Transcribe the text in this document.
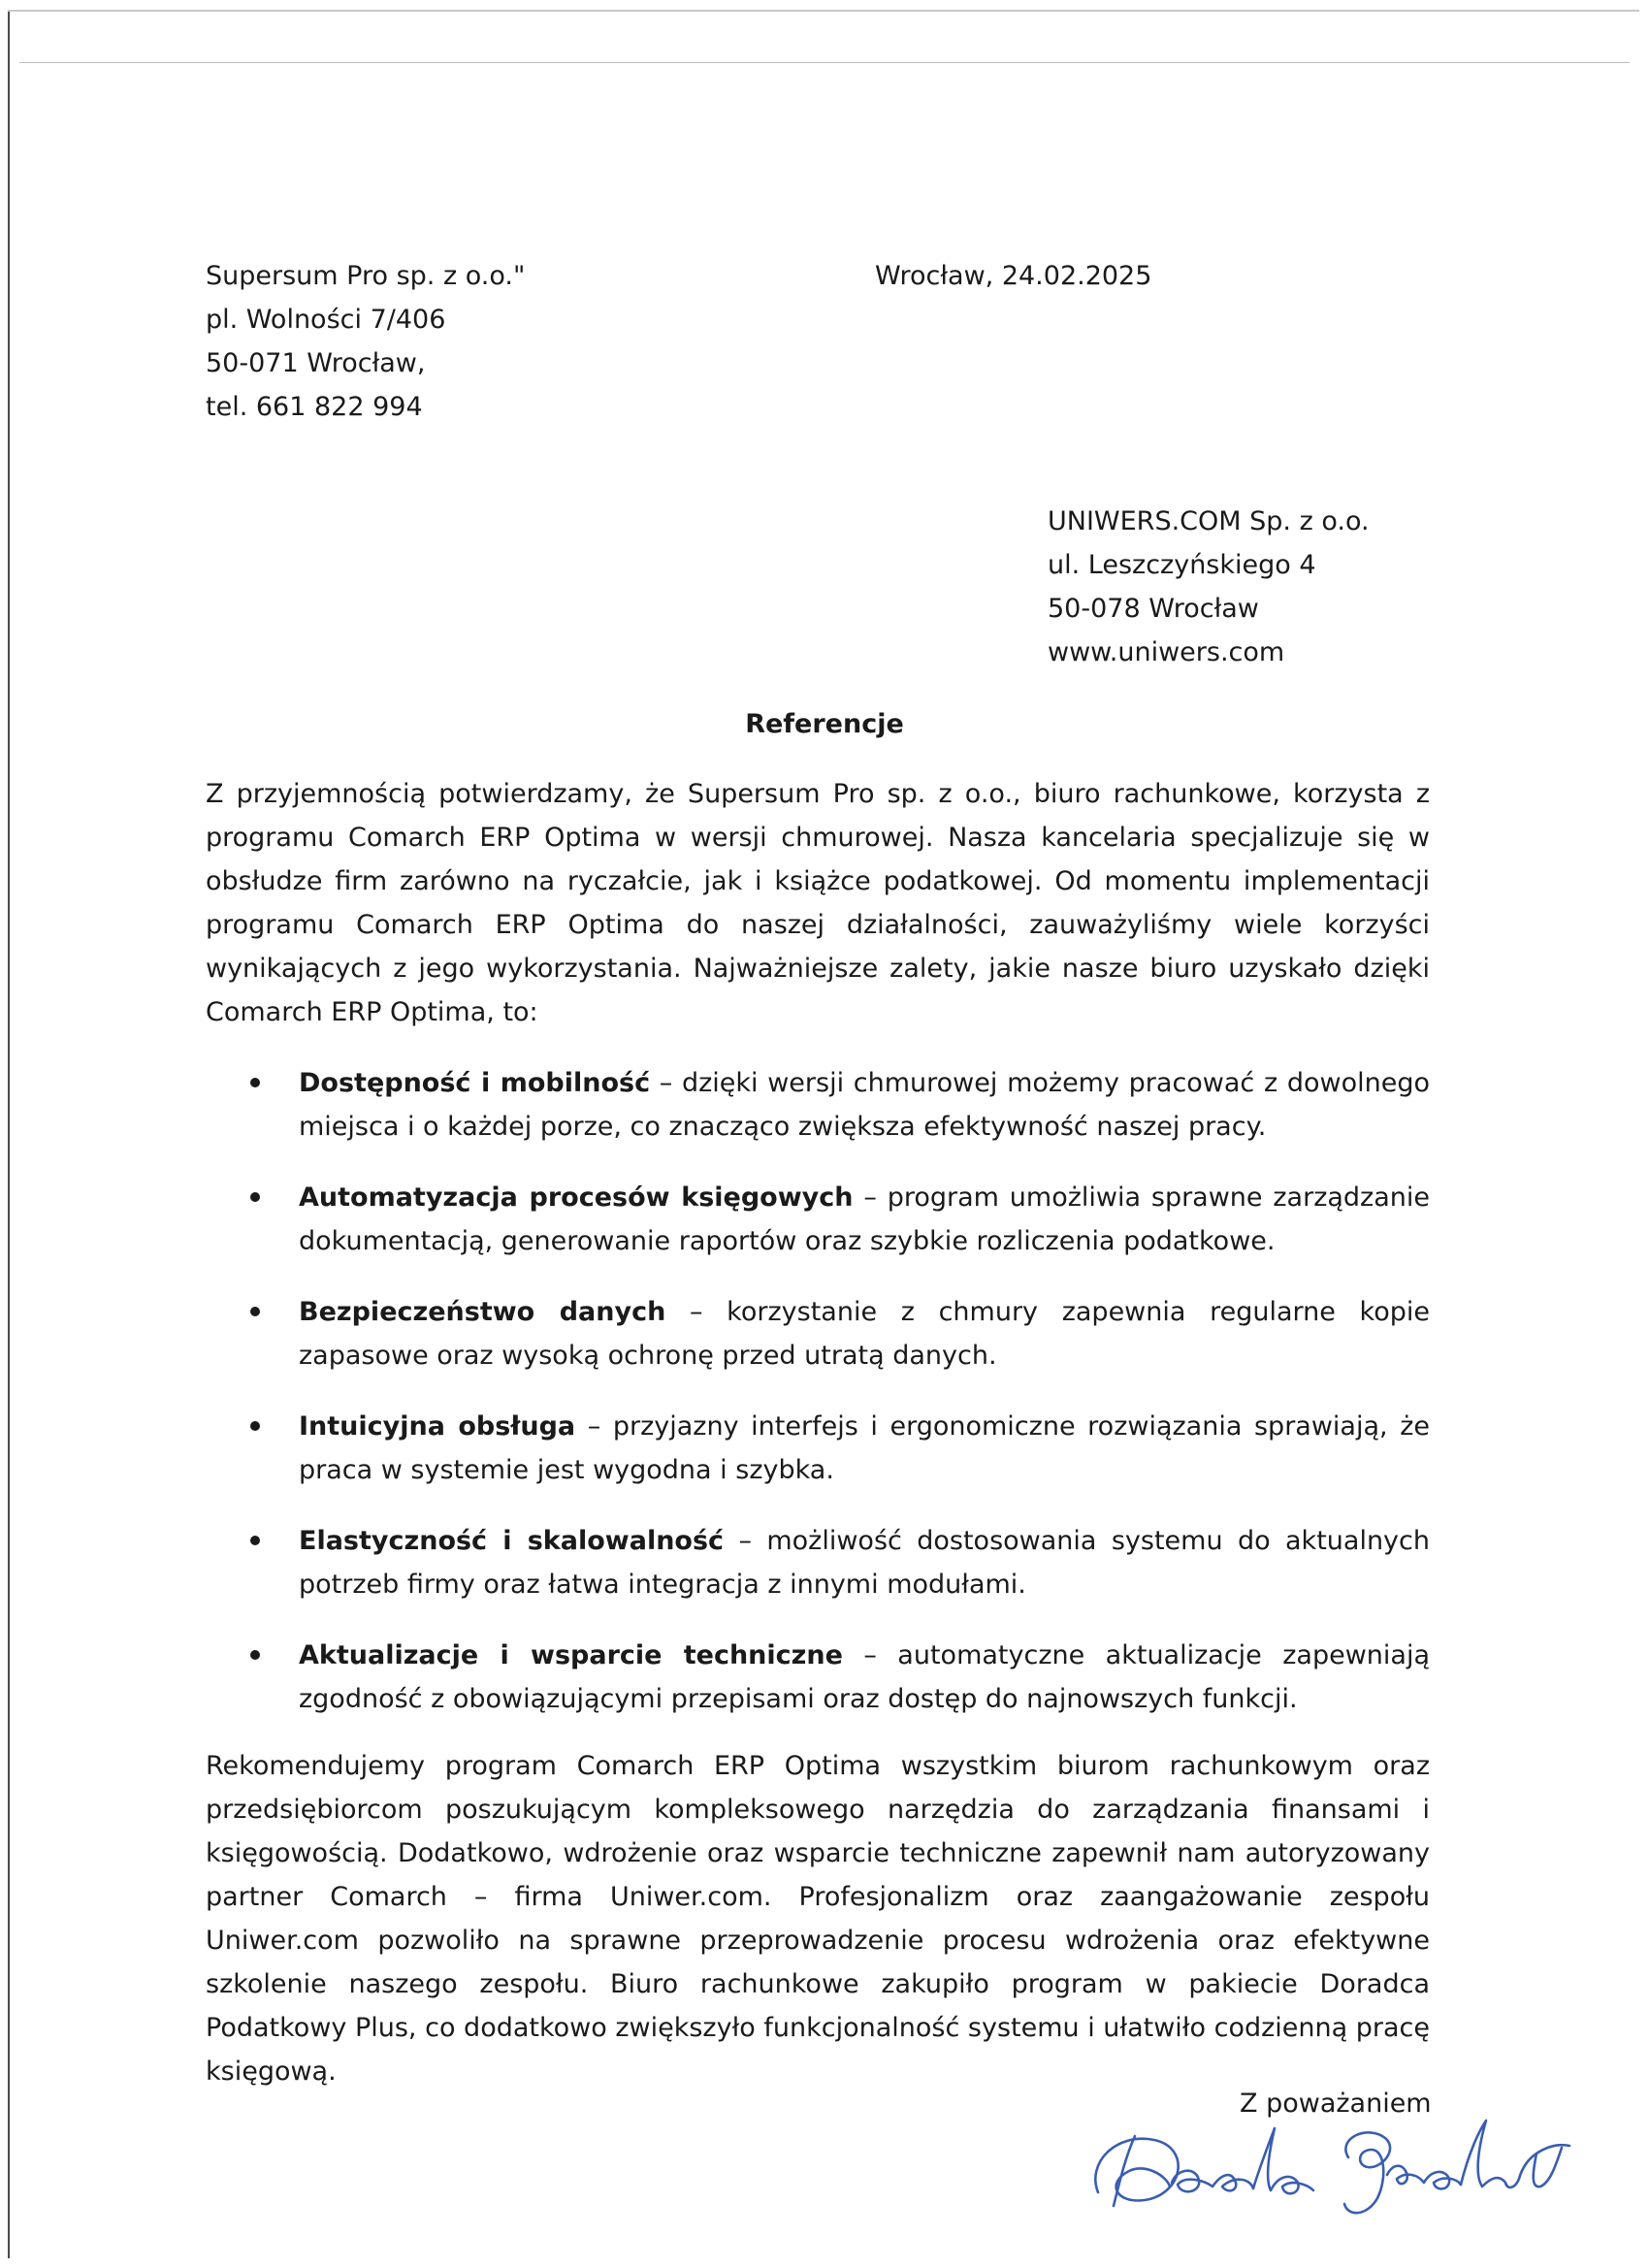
Supersum Pro sp. z o.o."
pl. Wolności 7/406
50-071 Wrocław,
tel. 661 822 994
Wrocław, 24.02.2025
UNIWERS.COM Sp. z o.o.
ul. Leszczyńskiego 4
50-078 Wrocław
www.uniwers.com
Referencje

Z przyjemnością potwierdzamy, że Supersum Pro sp. z o.o., biuro rachunkowe, korzysta z programu Comarch ERP Optima w wersji chmurowej. Nasza kancelaria specjalizuje się w obsłudze firm zarówno na ryczałcie, jak i książce podatkowej. Od momentu implementacji programu Comarch ERP Optima do naszej działalności, zauważyliśmy wiele korzyści wynikających z jego wykorzystania. Najważniejsze zalety, jakie nasze biuro uzyskało dzięki Comarch ERP Optima, to:

Dostępność i mobilność – dzięki wersji chmurowej możemy pracować z dowolnego miejsca i o każdej porze, co znacząco zwiększa efektywność naszej pracy.
Automatyzacja procesów księgowych – program umożliwia sprawne zarządzanie dokumentacją, generowanie raportów oraz szybkie rozliczenia podatkowe.
Bezpieczeństwo danych – korzystanie z chmury zapewnia regularne kopie zapasowe oraz wysoką ochronę przed utratą danych.
Intuicyjna obsługa – przyjazny interfejs i ergonomiczne rozwiązania sprawiają, że praca w systemie jest wygodna i szybka.
Elastyczność i skalowalność – możliwość dostosowania systemu do aktualnych potrzeb firmy oraz łatwa integracja z innymi modułami.
Aktualizacje i wsparcie techniczne – automatyczne aktualizacje zapewniają zgodność z obowiązującymi przepisami oraz dostęp do najnowszych funkcji.

Rekomendujemy program Comarch ERP Optima wszystkim biurom rachunkowym oraz przedsiębiorcom poszukującym kompleksowego narzędzia do zarządzania finansami i księgowością. Dodatkowo, wdrożenie oraz wsparcie techniczne zapewnił nam autoryzowany partner Comarch – firma Uniwer.com. Profesjonalizm oraz zaangażowanie zespołu Uniwer.com pozwoliło na sprawne przeprowadzenie procesu wdrożenia oraz efektywne szkolenie naszego zespołu. Biuro rachunkowe zakupiło program w pakiecie Doradca Podatkowy Plus, co dodatkowo zwiększyło funkcjonalność systemu i ułatwiło codzienną pracę księgową.

Z poważaniem
